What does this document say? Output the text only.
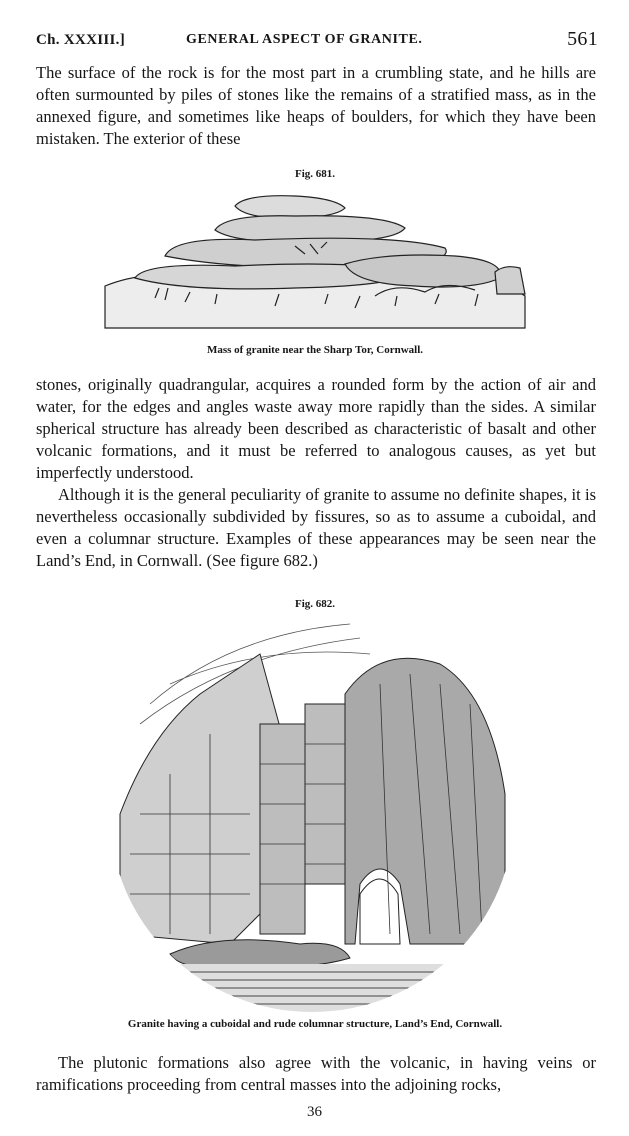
Ch. XXXIII.]	GENERAL ASPECT OF GRANITE.	561

The surface of the rock is for the most part in a crumbling state, and he hills are often surmounted by piles of stones like the remains of a stratified mass, as in the annexed figure, and sometimes like heaps of boulders, for which they have been mistaken. The exterior of these

Fig. 681.
Mass of granite near the Sharp Tor, Cornwall.

stones, originally quadrangular, acquires a rounded form by the action of air and water, for the edges and angles waste away more rapidly than the sides. A similar spherical structure has already been described as characteristic of basalt and other volcanic formations, and it must be referred to analogous causes, as yet but imperfectly understood.

Although it is the general peculiarity of granite to assume no definite shapes, it is nevertheless occasionally subdivided by fissures, so as to assume a cuboidal, and even a columnar structure. Examples of these appearances may be seen near the Land’s End, in Cornwall. (See figure 682.)

Fig. 682.
Granite having a cuboidal and rude columnar structure, Land’s End, Cornwall.

The plutonic formations also agree with the volcanic, in having veins or ramifications proceeding from central masses into the adjoining rocks,

36
